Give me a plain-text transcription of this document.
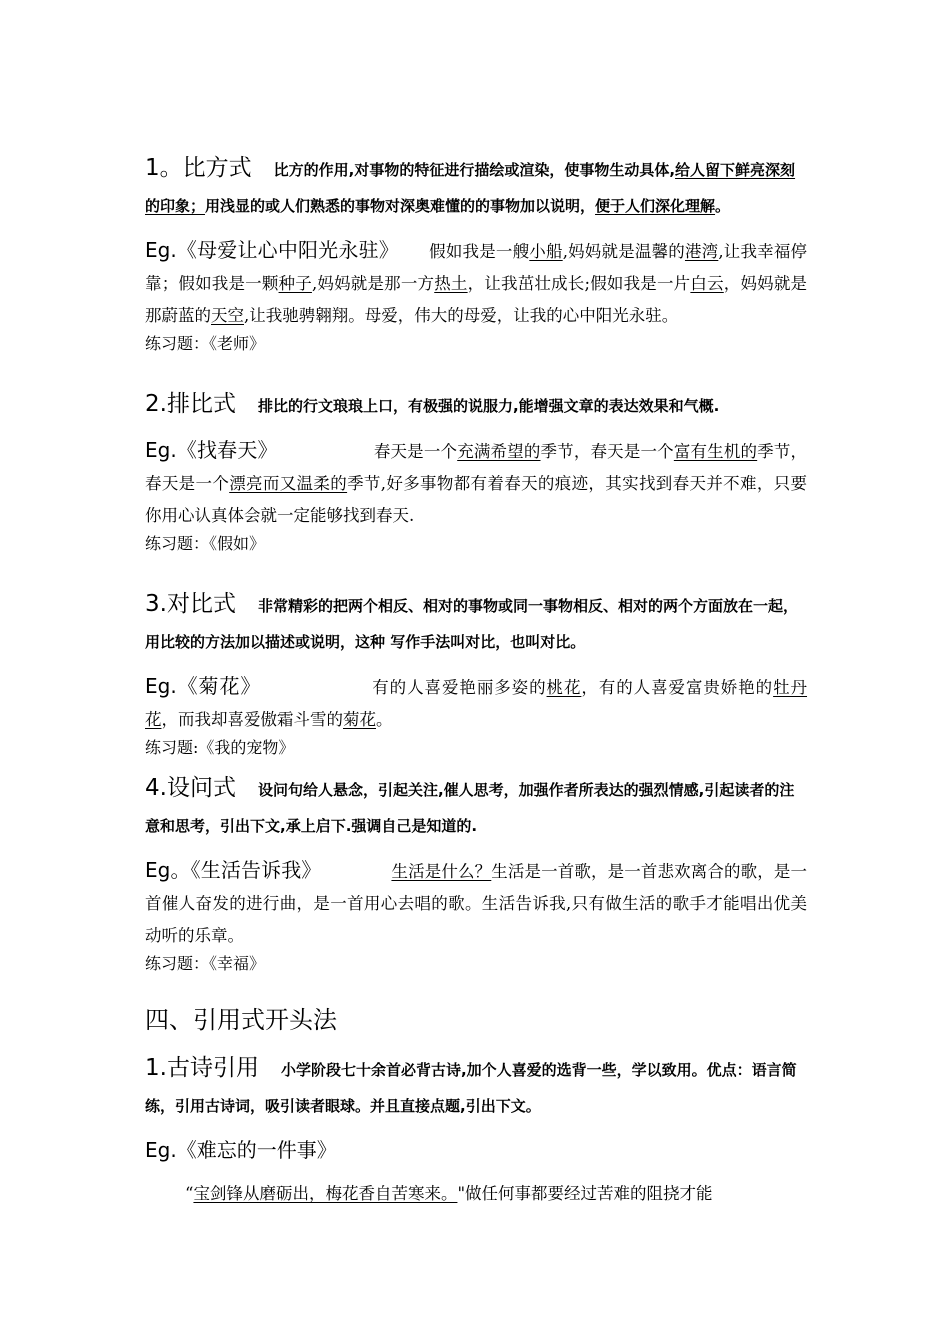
1。比方式 比方的作用,对事物的特征进行描绘或渲染，使事物生动具体,给人留下鲜亮深刻的印象；用浅显的或人们熟悉的事物对深奥难懂的的事物加以说明，便于人们深化理解。
Eg.《母爱让心中阳光永驻》 假如我是一艘小船,妈妈就是温馨的港湾,让我幸福停靠；假如我是一颗种子,妈妈就是那一方热土，让我茁壮成长;假如我是一片白云，妈妈就是那蔚蓝的天空,让我驰骋翱翔。母爱，伟大的母爱，让我的心中阳光永驻。
练习题：《老师》
2.排比式 排比的行文琅琅上口，有极强的说服力,能增强文章的表达效果和气概.
Eg.《找春天》	春天是一个充满希望的季节，春天是一个富有生机的季节，春天是一个漂亮而又温柔的季节,好多事物都有着春天的痕迹，其实找到春天并不难，只要你用心认真体会就一定能够找到春天.
练习题：《假如》
3.对比式 非常精彩的把两个相反、相对的事物或同一事物相反、相对的两个方面放在一起，用比较的方法加以描述或说明，这种 写作手法叫对比，也叫对比。
Eg.《菊花》	有的人喜爱艳丽多姿的桃花，有的人喜爱富贵娇艳的牡丹花，而我却喜爱傲霜斗雪的菊花。
练习题:《我的宠物》
4.设问式 设问句给人悬念，引起关注,催人思考，加强作者所表达的强烈情感,引起读者的注意和思考，引出下文,承上启下.强调自己是知道的.
Eg。《生活告诉我》	生活是什么？生活是一首歌，是一首悲欢离合的歌，是一首催人奋发的进行曲，是一首用心去唱的歌。生活告诉我,只有做生活的歌手才能唱出优美动听的乐章。
练习题：《幸福》
四、引用式开头法
1.古诗引用 小学阶段七十余首必背古诗,加个人喜爱的选背一些，学以致用。优点：语言简练，引用古诗词，吸引读者眼球。并且直接点题,引出下文。
Eg.《难忘的一件事》
“宝剑锋从磨砺出，梅花香自苦寒来。"做任何事都要经过苦难的阻挠才能
